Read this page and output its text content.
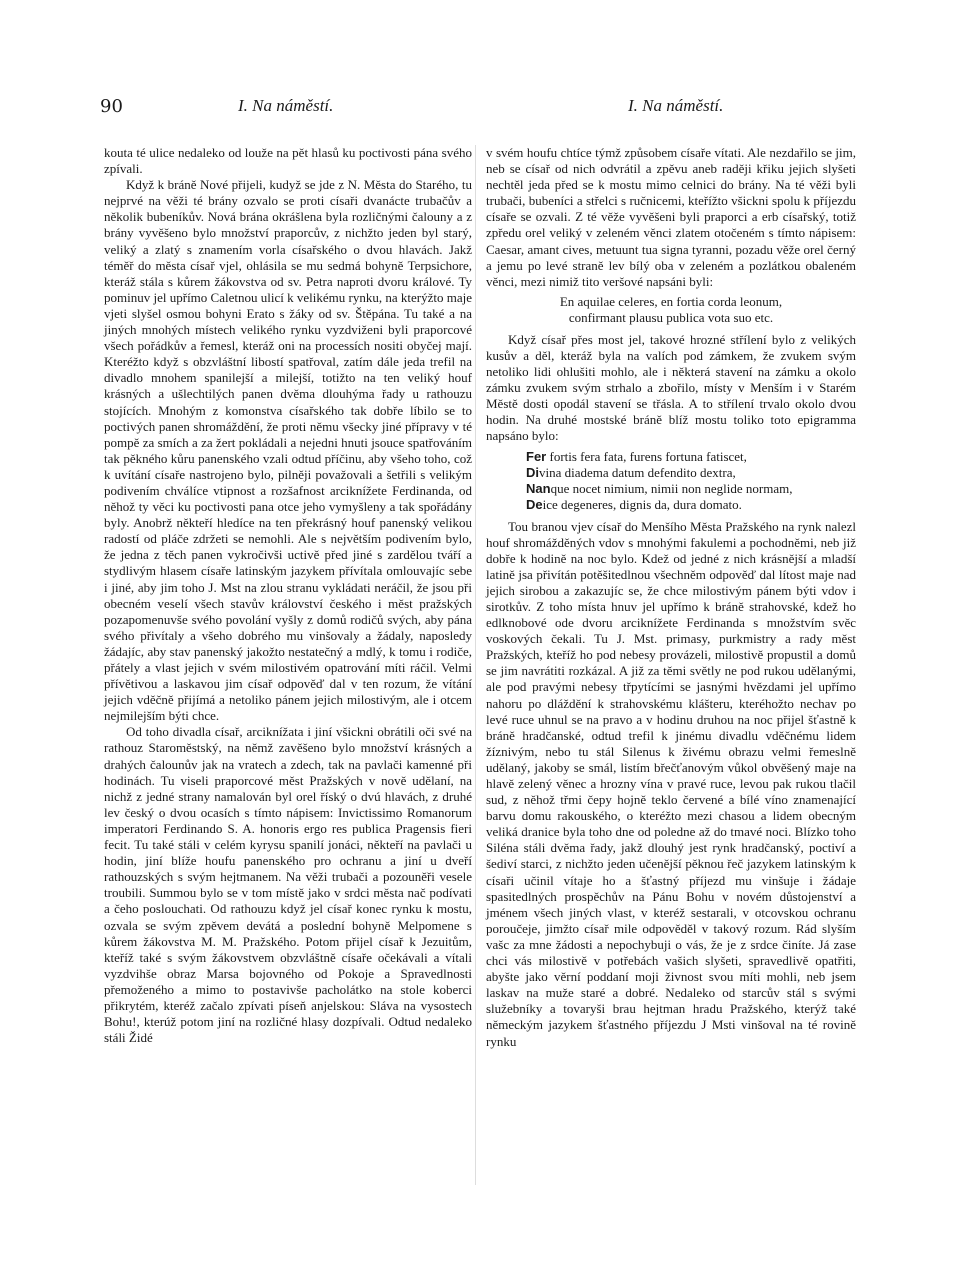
90	I. Na náměstí.	I. Na náměstí.

kouta té ulice nedaleko od louže na pět hlasů ku poctivosti pána svého zpívali.

Když k bráně Nové přijeli, kudyž se jde z N. Města do Starého, tu nejprvé na věži té brány ozvalo se proti císaři dvanácte trubačův a několik bubeníkův. Nová brána okrášlena byla rozličnými čalouny a z brány vyvěšeno bylo množství praporcův, z nichžto jeden byl starý, veliký a zlatý s znamením vorla císařského o dvou hlavách. Jakž téměř do města císař vjel, ohlásila se mu sedmá bohyně Terpsichore, kteráž stála s kůrem žákovstva od sv. Petra naproti dvoru králové. Ty pominuv jel upřímo Caletnou ulicí k velikému rynku, na kterýžto maje vjeti slyšel osmou bohyni Erato s žáky od sv. Štěpána. Tu také a na jiných mnohých místech velikého rynku vyzdviženi byli praporcové všech pořádkův a řemesl, kteráž oni na processích nositi obyčej mají. Kteréžto když s obzvláštní libostí spatřoval, zatím dále jeda trefil na divadlo mnohem spanilejší a milejší, totižto na ten veliký houf krásných a ušlechtilých panen dvěma dlouhýma řady u rathouzu stojících. Mnohým z komonstva císařského tak dobře líbilo se to poctivých panen shromáždění, že proti němu všecky jiné přípravy v té pompě za smích a za žert pokládali a nejedni hnuti jsouce spatřováním tak pěkného kůru panenského vzali odtud příčinu, aby všeho toho, což k uvítání císaře nastrojeno bylo, pilněji považovali a šetřili s velikým podivením chválíce vtipnost a rozšafnost arciknížete Ferdinanda, od něhož ty věci ku poctivosti pana otce jeho vymyšleny a tak spořádány byly. Anobrž někteří hledíce na ten překrásný houf panenský velikou radostí od pláče zdržeti se nemohli. Ale s největším podivením bylo, že jedna z těch panen vykročivši uctivě před jiné s zardělou tváří a stydlivým hlasem císaře latinským jazykem přívítala omlouvajíc sebe i jiné, aby jim toho J. Mst na zlou stranu vykládati neráčil, že jsou při obecném veselí všech stavův království českého i měst pražských pozapomenuvše svého povolání vyšly z domů rodičů svých, aby pána svého přivítaly a všeho dobrého mu vinšovaly a žádaly, naposledy žádajíc, aby stav panenský jakožto nestatečný a mdlý, k tomu i rodiče, přátely a vlast jejich v svém milostivém opatrování míti ráčil. Velmi přívětivou a laskavou jim císař odpověď dal v ten rozum, že vítání jejich vděčně přijímá a netoliko pánem jejich milostivým, ale i otcem nejmilejším býti chce.

Od toho divadla císař, arciknížata i jiní všickni obrátili oči své na rathouz Staroměstský, na němž zavěšeno bylo množství krásných a drahých čalounův jak na vratech a zdech, tak na pavlači kamenné při hodinách. Tu viseli praporcové měst Pražských v nově udělaní, na nichž z jedné strany namalován byl orel říský o dvú hlavách, z druhé lev český o dvou ocasích s tímto nápisem: Invictissimo Romanorum imperatori Ferdinando S. A. honoris ergo res publica Pragensis fieri fecit. Tu také stáli v celém kyrysu spanilí jonáci, někteří na pavlači u hodin, jiní blíže houfu panenského pro ochranu a jiní u dveří rathouzských s svým hejtmanem. Na věži trubači a pozouněři vesele troubili. Summou bylo se v tom místě jako v srdci města nač podívati a čeho poslouchati. Od rathouzu když jel císař konec rynku k mostu, ozvala se svým zpěvem devátá a poslední bohyně Melpomene s kůrem žákovstva M. M. Pražského. Potom přijel císař k Jezuitům, kteříž také s svým žákovstvem obzvláštně císaře očekávali a vítali vyzdvihše obraz Marsa bojovného od Pokoje a Spravedlnosti přemoženého a mimo to postavivše pacholátko na stole koberci přikrytém, kteréž začalo zpívati píseň anjelskou: Sláva na vysostech Bohu!, kterúž potom jiní na rozličné hlasy dozpívali. Odtud nedaleko stáli Židé

v svém houfu chtíce týmž způsobem císaře vítati. Ale nezdařilo se jim, neb se císař od nich odvrátil a zpěvu aneb raději křiku jejich slyšeti nechtěl jeda před se k mostu mimo celnici do brány. Na té věži byli trubači, bubeníci a střelci s ručnicemi, kteřížto všickni spolu k příjezdu císaře se ozvali. Z té věže vyvěšeni byli praporci a erb císařský, totiž zpředu orel veliký v zeleném věnci zlatem otočeném s tímto nápisem: Caesar, amant cives, metuunt tua signa tyranni, pozadu věže orel černý a jemu po levé straně lev bílý oba v zeleném a pozlátkou obaleném věnci, mezi nimiž tito veršové napsáni byli:

En aquilae celeres, en fortia corda leonum,
confirmant plausu publica vota suo etc.

Když císař přes most jel, takové hrozné střílení bylo z velikých kusův a děl, kteráž byla na valích pod zámkem, že zvukem svým netoliko lidi ohlušiti mohlo, ale i některá stavení na zámku a okolo zámku zvukem svým strhalo a zbořilo, místy v Menším i v Starém Městě dosti opodál stavení se třásla. A to střílení trvalo okolo dvou hodin. Na druhé mostské bráně blíž mostu toliko toto epigramma napsáno bylo:

Fer fortis fera fata, furens fortuna fatiscet,
Divina diadema datum defendito dextra,
Nanque nocet nimium, nimii non neglide normam,
Deice degeneres, dignis da, dura domato.

Tou branou vjev císař do Menšího Města Pražského na rynk nalezl houf shromážděných vdov s mnohými fakulemi a pochodněmi, neb již dobře k hodině na noc bylo. Kdež od jedné z nich krásnější a mladší latině jsa přivítán potěšitedlnou všechněm odpověď dal lítost maje nad jejich sirobou a zakazujíc se, že chce milostivým pánem býti vdov i sirotkův. Z toho místa hnuv jel upřímo k bráně strahovské, kdež ho edlknobové ode dvoru arciknížete Ferdinanda s množstvím svěc voskových čekali. Tu J. Mst. primasy, purkmistry a rady měst Pražských, kteříž ho pod nebesy provázeli, milostivě propustil a domů se jim navrátiti rozkázal. A již za těmi světly ne pod rukou udělanými, ale pod pravými nebesy třpytícími se jasnými hvězdami jel upřímo nahoru po dláždění k strahovskému klášteru, kteréhožto nechav po levé ruce uhnul se na pravo a v hodinu druhou na noc přijel šťastně k bráně hradčanské, odtud trefil k jinému divadlu vděčnému lidem žíznivým, nebo tu stál Silenus k živému obrazu velmi řemeslně udělaný, jakoby se smál, listím břečťanovým vůkol obvěšený maje na hlavě zelený věnec a hrozny vína v pravé ruce, levou pak rukou tlačil sud, z něhož třmi čepy hojně teklo červené a bílé víno znamenající barvu domu rakouského, o kteréžto mezi chasou a lidem obecným veliká dranice byla toho dne od poledne až do tmavé noci. Blízko toho Siléna stáli dvěma řady, jakž dlouhý jest rynk hradčanský, poctiví a šediví starci, z nichžto jeden učenější pěknou řeč jazykem latinským k císaři učinil vítaje ho a šťastný příjezd mu vinšuje i žádaje spasitedlných prospěchův na Pánu Bohu v novém důstojenství a jménem všech jiných vlast, v kteréž sestarali, v otcovskou ochranu poroučeje, jimžto císař mile odpověděl v takový rozum. Rád slyším vašc za mne žádosti a nepochybuji o vás, že je z srdce činíte. Já zase chci vás milostivě v potřebách vašich slyšeti, spravedlivě opatřiti, abyšte jako věrní poddaní moji živnost svou míti mohli, neb jsem laskav na muže staré a dobré. Nedaleko od starcův stál s svými služebníky a tovaryši brau hejtman hradu Pražského, kterýž také německým jazykem šťastného příjezdu J Msti vinšoval na té rovině rynku
